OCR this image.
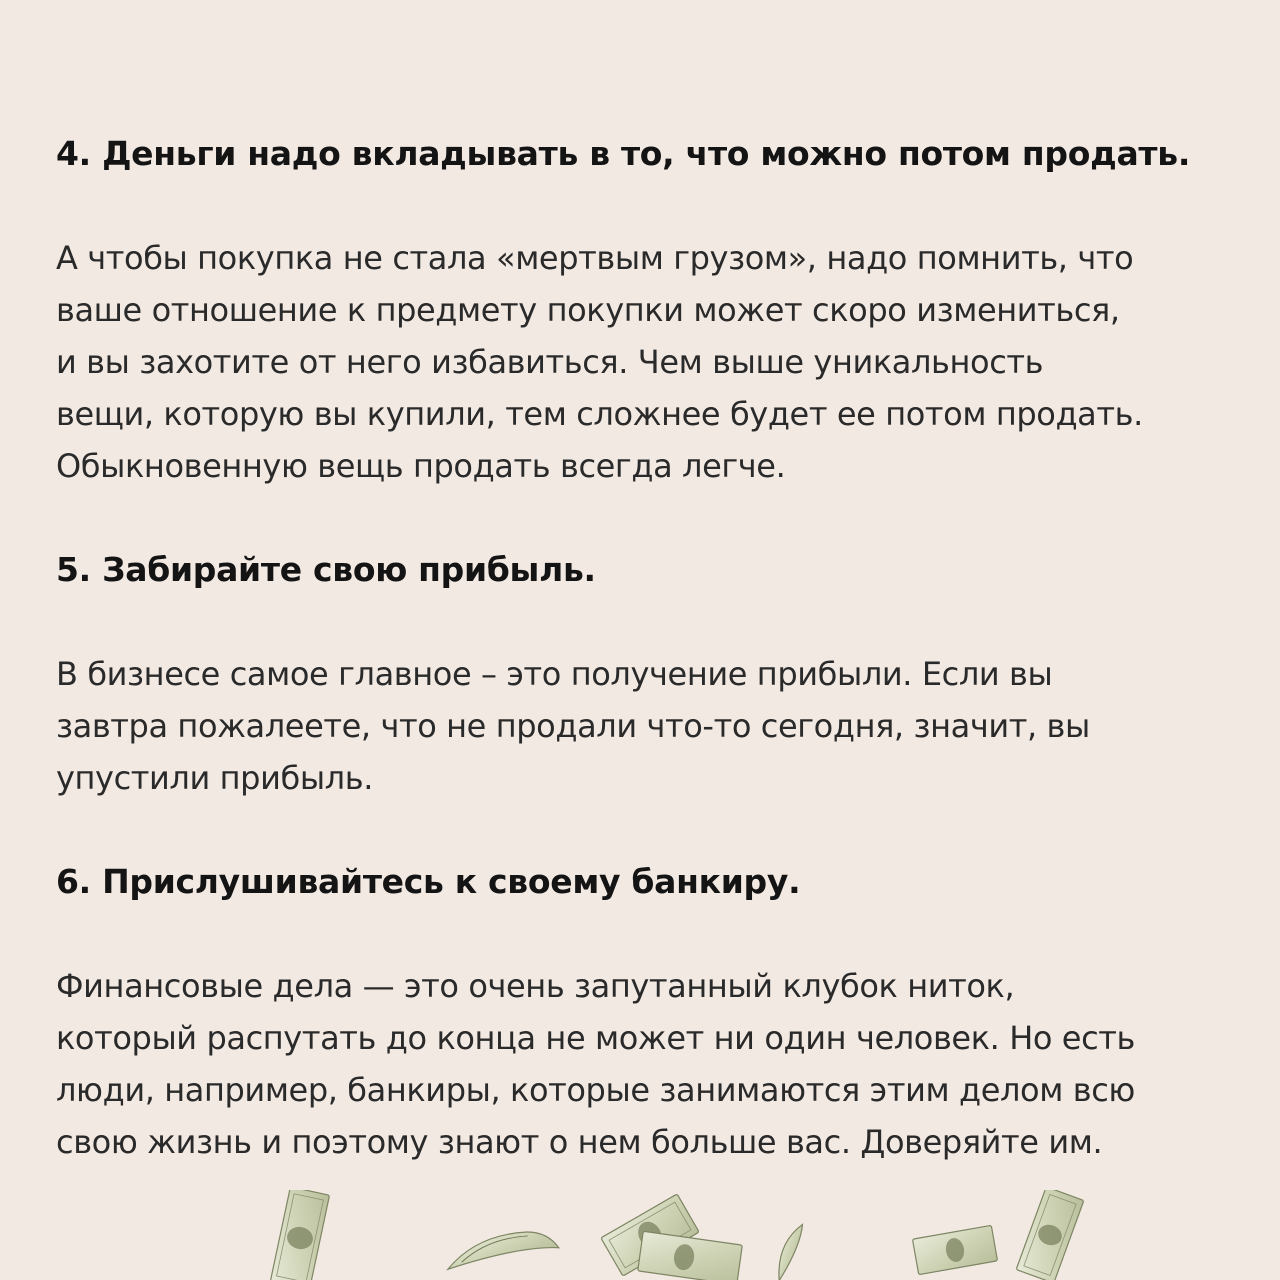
4. Деньги надо вкладывать в то, что можно потом продать.

А чтобы покупка не стала «мертвым грузом», надо помнить, что
ваше отношение к предмету покупки может скоро измениться,
и вы захотите от него избавиться. Чем выше уникальность
вещи, которую вы купили, тем сложнее будет ее потом продать.
Обыкновенную вещь продать всегда легче.

5. Забирайте свою прибыль.

В бизнесе самое главное – это получение прибыли. Если вы
завтра пожалеете, что не продали что-то сегодня, значит, вы
упустили прибыль.

6. Прислушивайтесь к своему банкиру.

Финансовые дела — это очень запутанный клубок ниток,
который распутать до конца не может ни один человек. Но есть
люди, например, банкиры, которые занимаются этим делом всю
свою жизнь и поэтому знают о нем больше вас. Доверяйте им.
